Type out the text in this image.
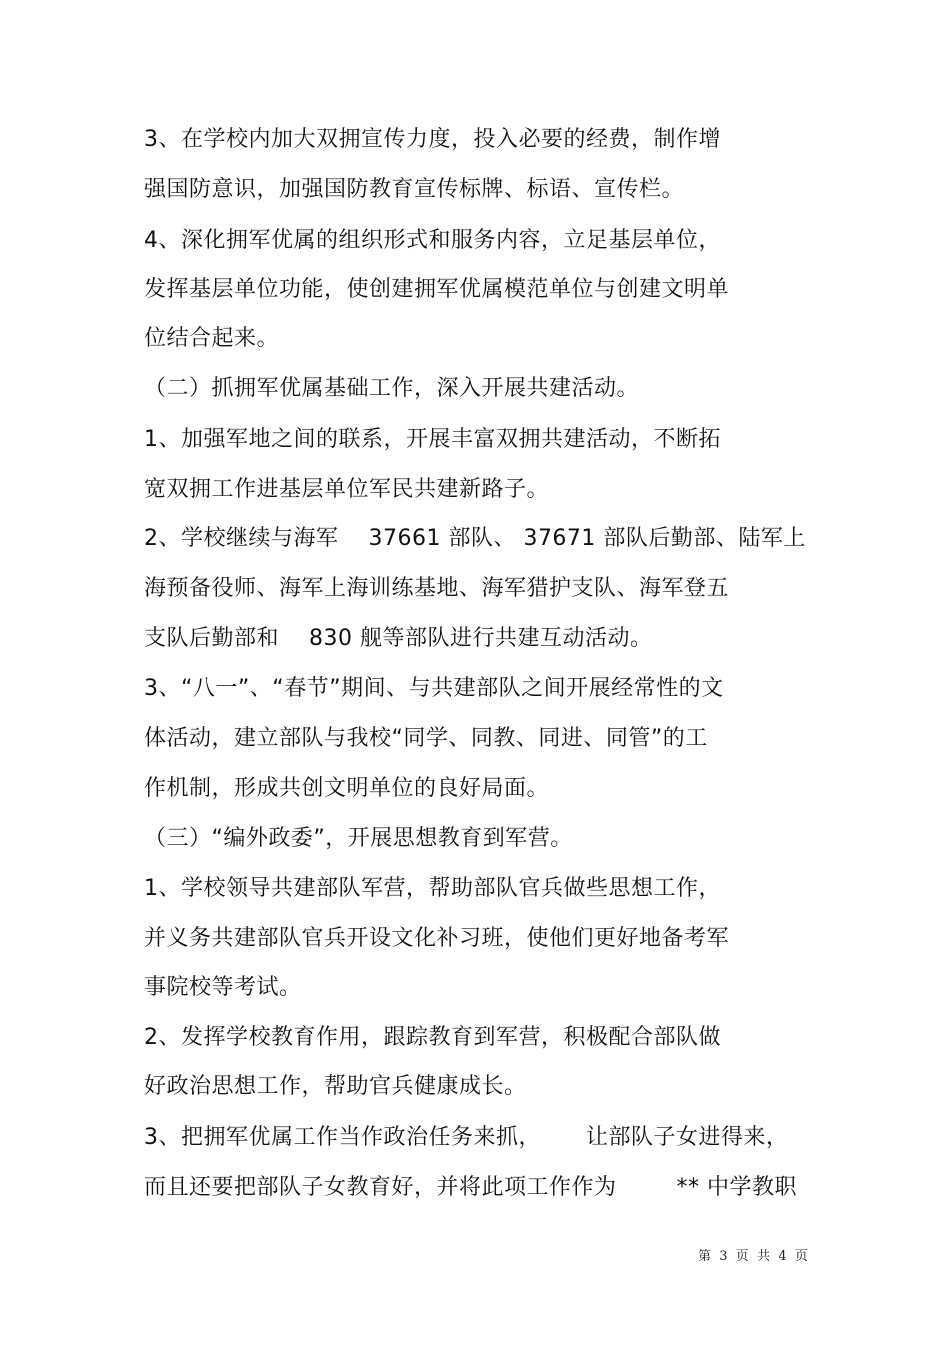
3、在学校内加大双拥宣传力度，投入必要的经费，制作增
强国防意识，加强国防教育宣传标牌、标语、宣传栏。
4、深化拥军优属的组织形式和服务内容，立足基层单位，
发挥基层单位功能，使创建拥军优属模范单位与创建文明单
位结合起来。
（二）抓拥军优属基础工作，深入开展共建活动。
1、加强军地之间的联系，开展丰富双拥共建活动，不断拓
宽双拥工作进基层单位军民共建新路子。
2、学校继续与海军    37661 部队、 37671 部队后勤部、陆军上
海预备役师、海军上海训练基地、海军猎护支队、海军登五
支队后勤部和    830 舰等部队进行共建互动活动。
3、“八一”、“春节”期间、与共建部队之间开展经常性的文
体活动，建立部队与我校“同学、同教、同进、同管”的工
作机制，形成共创文明单位的良好局面。
（三）“编外政委”，开展思想教育到军营。
1、学校领导共建部队军营，帮助部队官兵做些思想工作，
并义务共建部队官兵开设文化补习班，使他们更好地备考军
事院校等考试。
2、发挥学校教育作用，跟踪教育到军营，积极配合部队做
好政治思想工作，帮助官兵健康成长。
3、把拥军优属工作当作政治任务来抓，      让部队子女进得来，
而且还要把部队子女教育好，并将此项工作作为        ** 中学教职
第  3  页  共  4  页
